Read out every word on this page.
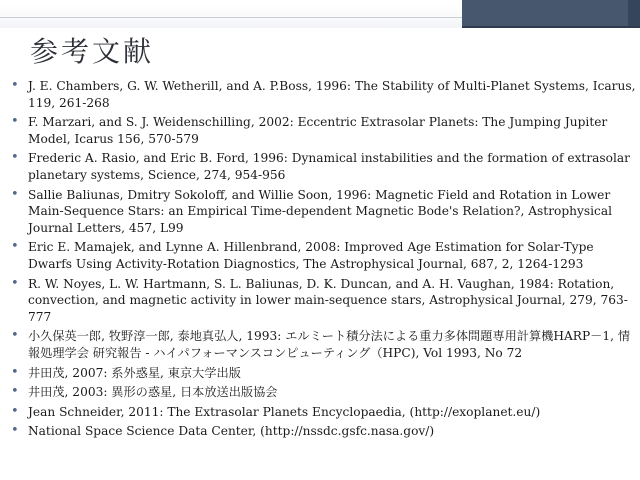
参考文献
• J. E. Chambers, G. W. Wetherill, and A. P.Boss, 1996: The Stability of Multi-Planet Systems, Icarus, 119, 261-268
• F. Marzari, and S. J. Weidenschilling, 2002: Eccentric Extrasolar Planets: The Jumping Jupiter Model, Icarus 156, 570-579
• Frederic A. Rasio, and Eric B. Ford, 1996: Dynamical instabilities and the formation of extrasolar planetary systems, Science, 274, 954-956
• Sallie Baliunas, Dmitry Sokoloff, and Willie Soon, 1996: Magnetic Field and Rotation in Lower Main-Sequence Stars: an Empirical Time-dependent Magnetic Bode's Relation?, Astrophysical Journal Letters, 457, L99
• Eric E. Mamajek, and Lynne A. Hillenbrand, 2008: Improved Age Estimation for Solar-Type Dwarfs Using Activity-Rotation Diagnostics, The Astrophysical Journal, 687, 2, 1264-1293
• R. W. Noyes, L. W. Hartmann, S. L. Baliunas, D. K. Duncan, and A. H. Vaughan, 1984: Rotation, convection, and magnetic activity in lower main-sequence stars, Astrophysical Journal, 279, 763-777
• 小久保英一郎, 牧野淳一郎, 泰地真弘人, 1993: エルミート積分法による重力多体問題専用計算機HARP－1, 情報処理学会 研究報告 - ハイパフォーマンスコンピューティング（HPC), Vol 1993, No 72
• 井田茂, 2007: 系外惑星, 東京大学出版
• 井田茂, 2003: 異形の惑星, 日本放送出版協会
• Jean Schneider, 2011: The Extrasolar Planets Encyclopaedia, (http://exoplanet.eu/)
• National Space Science Data Center, (http://nssdc.gsfc.nasa.gov/)
